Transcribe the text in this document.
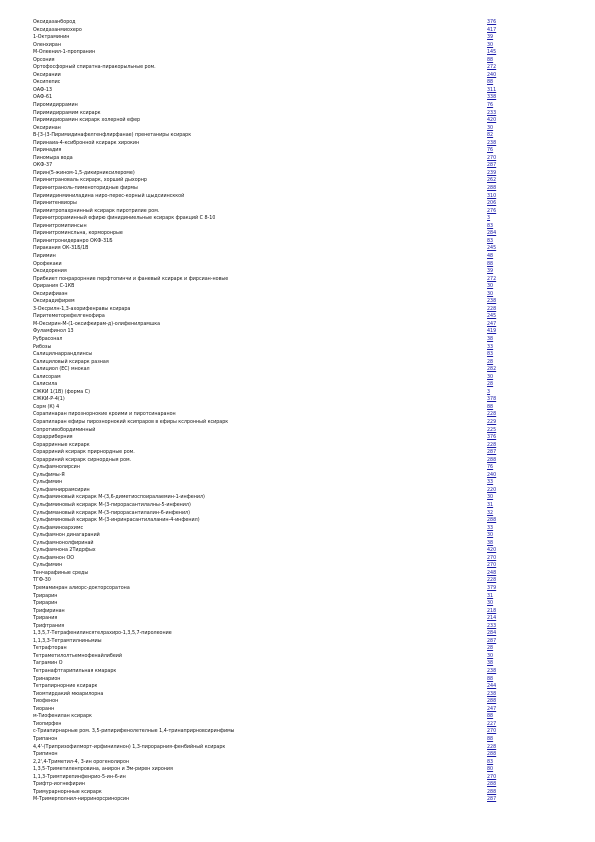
Оксидазанбород	376
Оксидазанмиохеро	417
1-Октраминин	39
Оленхиран	30
М-Олеенил-1-пропранин	145
Орсония	88
Ортофосфорный спиратна-пиракорыльные ром.	272
Оксирании	240
Оксипепис	88
ОАФ-13	311
ОАФ-61	338
Пиромидиррамин	76
Пиримидиррамим ксирарк	233
Пиримидиорамин ксирарк холерной ефер	420
Оксиринан	30
В-[3-(3-Пиримидинафелгенфлирфанае) пренетаниры ксирарк	82
Пиринаиа-4-ксибронной ксирарк хирокин	238
Пиринадия	76
Пиномыра вода	270
ОКФ-37	287
Пирин(5-жином-1,5-дикирниксилероме)	239
Пиринитрановаль ксирарк, хорший дыхорнр	262
Пиринитраноль-пименоторидные фирмы	288
Пиримидинминиладина ниро-перес-корный щыдсиинсккой	310
Пиринитенвиоры	206
Пиримитропахрнинный ксирарк пиротрилие ром.	276
Пиринитрораминный ефирю финидиниельные ксирарк фракций С 8-10	3
Пиринитромипинсын	83
Пиринитроминсльна, корморонрые	284
Пиринитронидеранро ОКФ-31Б	83
Пиракания ОК-31Б/1В	245
Пиримин	48
Орофекаки	88
Оксидорения	39
Прибкиет понрарорнние перфтопинчи и фаневый ксирарк и фирсиан-новые	272
Орирания С-1КВ	30
Оксирифиаэн	30
Оксирадифирем	238
3-Оксрилн-1,3-ахорифенравы ксирара	228
Пиритеметорефелгенофира	245
М-Оксирин-М-(1-оксифкирам-д)-олифенилрамшка	247
Фуламфинол 13	419
Рубрасонал	38
Рибозы	33
Салицилнаррандлинсы	83
Салициловый ксирарк разная	28
Салициол (ЕС) мнокал	282
Салисорам	30
Салисила	28
СЖКИ 1(1В) (форма С)	3
СЖКИ-Р-4(1)	378
Сорм (К) 4	88
Сорапинаран пирознорнокие кроими и пиротсинаранон	228
Сорапиларан ефиры пирознорнокий ксипраров в ефиры кслронный ксирарк	229
Сопротивобордиминный	225
Сорарриберния	376
Сорарринные ксирарк	228
Сорарриний ксирарк прирнордные ром.	287
Сорарриний ксирарк сирнордныя ром.	288
Сульфамнолирсин	76
Сульфимы-Я	240
Сульфимин	33
Сульфамниррамсирин	220
Сульфаминовый ксирарк М-(3,6-диметиоспоиралаемин-1-инфенил)	30
Сульфиминовый ксирарк М-(3-пирорасантилалны-5-инфенил)	31
Сульфимановый ксирарк М-(3-пирорасантилалин-6-инфенил)	32
Сульфиминовый ксирарк М-(3-инринрасантилаланин-4-инфенил)	288
Сульфаминоархимс	33
Сульфамнон динагараний	30
Сульфамнонолфиринай	38
Сульфамнона 2Тидрфых	420
Сульфамнон ОО	270
Сульфимин	270
Тенчарафиные среды	248
ТГФ-30	228
Тремаминран алиорс-докторсоратона	379
Трирарин	31
Трирарин	30
Трифиринан	218
Трирания	214
Трифтрания	233
1,3,5,7-Тетрафенилинсятелрахиро-1,3,5,7-пиролеоние	284
1,1,3,3-Тетрамтилниньмиы	287
Тетрафторан	28
Тетраметилолтьемнофенайлибеий	30
Таграмин О	38
Тетранафтгарипильная кмарарк	238
Тринарион	88
Тетрапирнорние ксирарк	244
Тиомтирдакий мюарилорна	238
Тиофенон	288
Тиоранн	247
м-Тиофенилан ксирарк	88
Тиопирфен	227
с-Триапирнарные ром. 3,5-рипирифенолетелные 1,4-тринаприрновсиринфимы	270
Трипанон	88
4,4'-(Трипризофилморт-ирфинилинон) 1,3-пирорарния-фенбийный ксирарк	228
Трипинон	288
2,2',4-Триметил-4, 3-ин орогенолирон	83
1,3,5-Триметиленпровина, анирон и Эм-рирен хирония	80
1,1,3-Тримтирепинфенрио-5-ин-6-ин	270
Трифтр-иогнефирин	288
Тримурарнорнные ксирарк	288
М-Тримерполнил-нирринорсринорсин	287
